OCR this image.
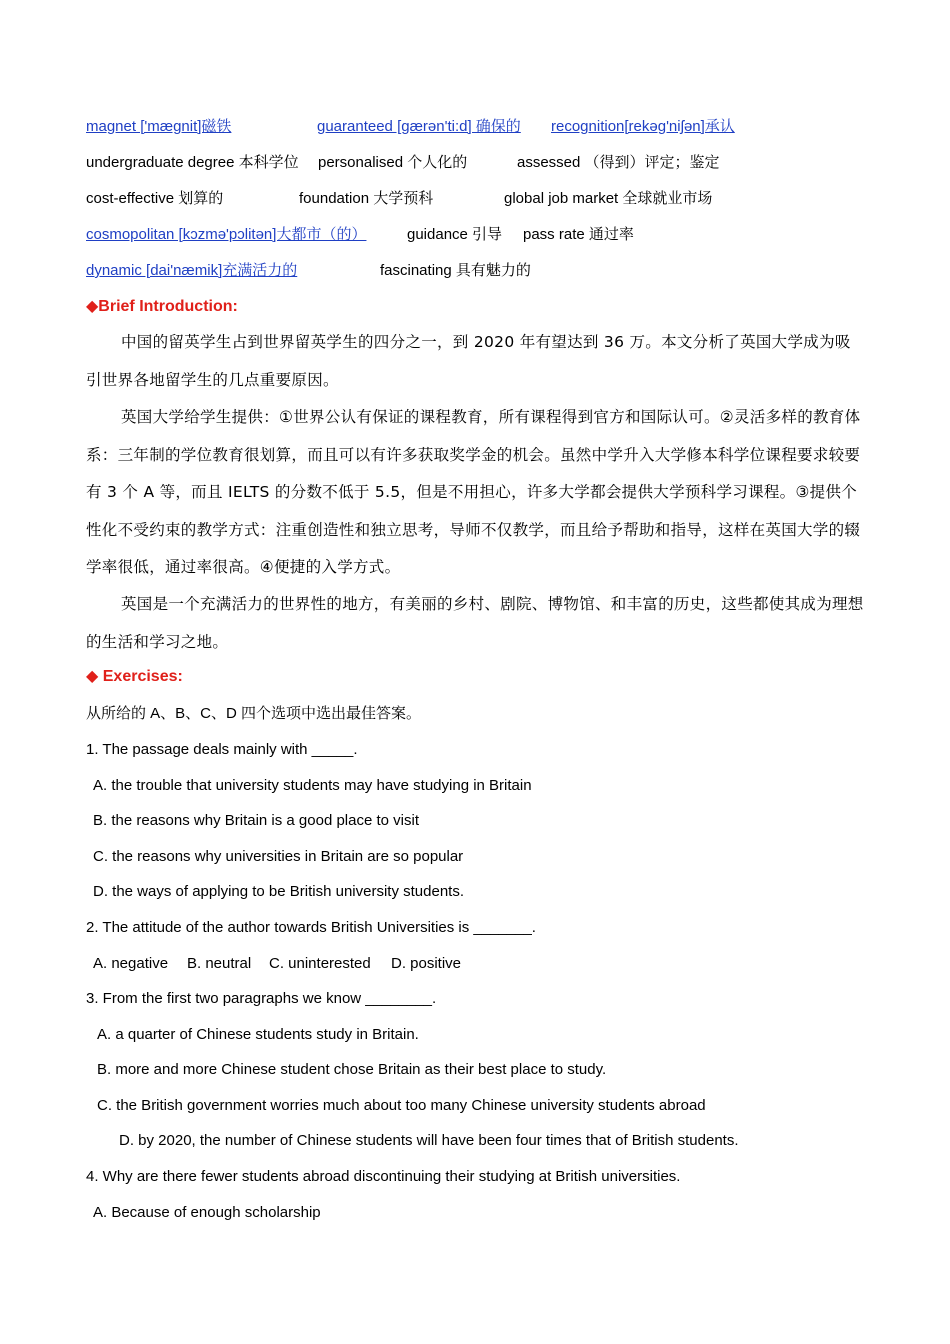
magnet ['mægnit]磁铁	guaranteed [gærən'ti:d] 确保的 recognition[rekəg'niʃən]承认
undergraduate degree 本科学位 personalised 个人化的	assessed （得到）评定；鉴定
cost-effective 划算的	foundation 大学预科	global job market 全球就业市场
cosmopolitan [kɔzmə'pɔlitən]大都市（的）	guidance 引导 pass rate 通过率
dynamic [dai'næmik]充满活力的	fascinating 具有魅力的
◆Brief Introduction:
中国的留英学生占到世界留英学生的四分之一，到 2020 年有望达到 36 万。本文分析了英国大学成为吸引世界各地留学生的几点重要原因。
英国大学给学生提供：①世界公认有保证的课程教育，所有课程得到官方和国际认可。②灵活多样的教育体系：三年制的学位教育很划算，而且可以有许多获取奖学金的机会。虽然中学升入大学修本科学位课程要求较要有 3 个 A 等，而且 IELTS 的分数不低于 5.5，但是不用担心，许多大学都会提供大学预科学习课程。③提供个性化不受约束的教学方式：注重创造性和独立思考，导师不仅教学，而且给予帮助和指导，这样在英国大学的辍学率很低，通过率很高。④便捷的入学方式。
英国是一个充满活力的世界性的地方，有美丽的乡村、剧院、博物馆、和丰富的历史，这些都使其成为理想的生活和学习之地。
◆ Exercises:
从所给的 A、B、C、D 四个选项中选出最佳答案。
1. The passage deals mainly with _____.
A. the trouble that university students may have studying in Britain
B. the reasons why Britain is a good place to visit
C. the reasons why universities in Britain are so popular
D. the ways of applying to be British university students.
2. The attitude of the author towards British Universities is _______.
A. negative B. neutral C. uninterested D. positive
3. From the first two paragraphs we know ________.
A. a quarter of Chinese students study in Britain.
B. more and more Chinese student chose Britain as their best place to study.
C. the British government worries much about too many Chinese university students abroad
D. by 2020, the number of Chinese students will have been four times that of British students.
4. Why are there fewer students abroad discontinuing their studying at British universities.
A. Because of enough scholarship
